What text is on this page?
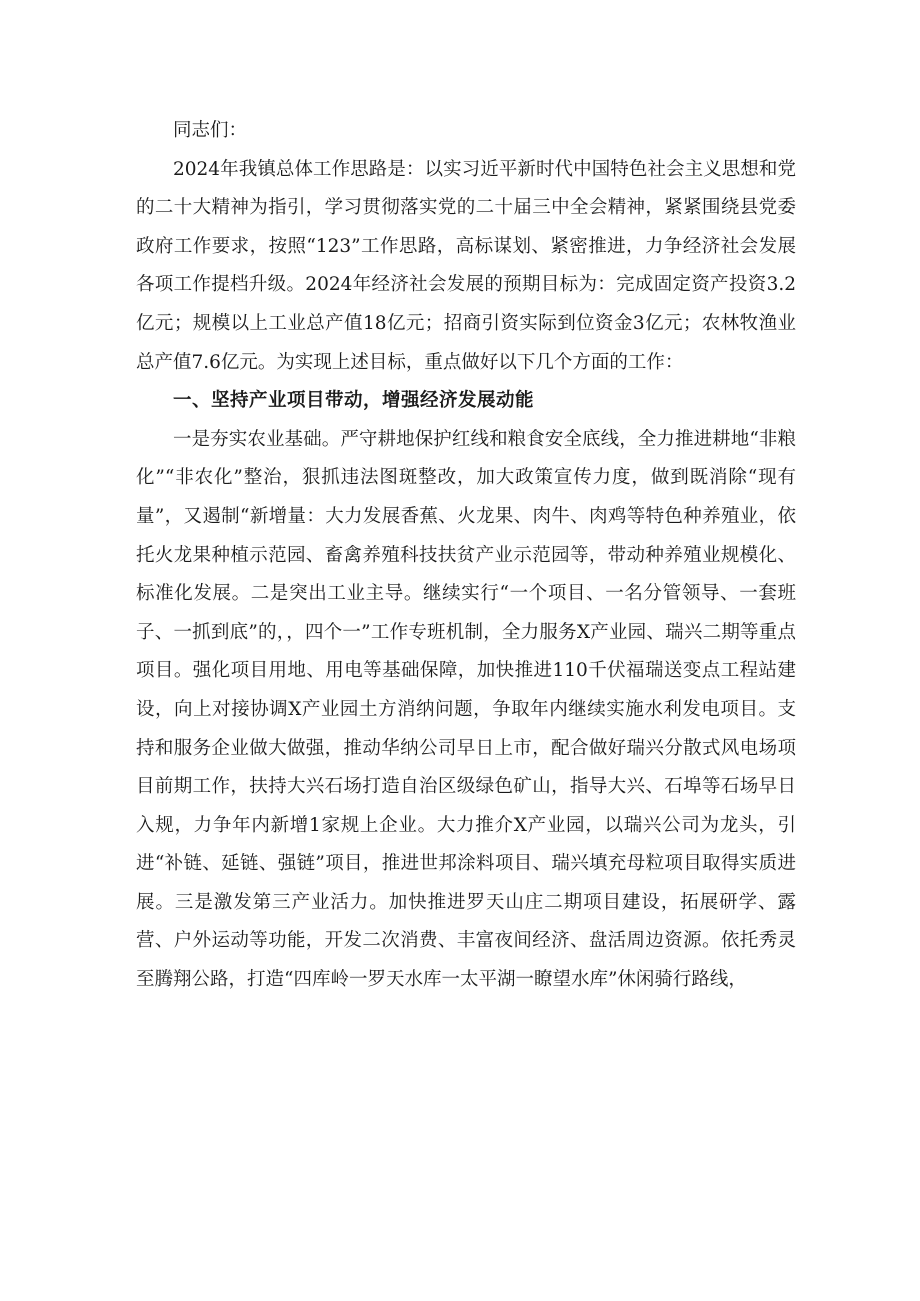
同志们：

2024年我镇总体工作思路是：以实习近平新时代中国特色社会主义思想和党的二十大精神为指引，学习贯彻落实党的二十届三中全会精神，紧紧围绕县党委政府工作要求，按照“123”工作思路，高标谋划、紧密推进，力争经济社会发展各项工作提档升级。2024年经济社会发展的预期目标为：完成固定资产投资3.2亿元；规模以上工业总产值18亿元；招商引资实际到位资金3亿元；农林牧渔业总产值7.6亿元。为实现上述目标，重点做好以下几个方面的工作：

一、坚持产业项目带动，增强经济发展动能

一是夯实农业基础。严守耕地保护红线和粮食安全底线，全力推进耕地“非粮化”“非农化”整治，狠抓违法图斑整改，加大政策宣传力度，做到既消除“现有量”，又遏制“新增量：大力发展香蕉、火龙果、肉牛、肉鸡等特色种养殖业，依托火龙果种植示范园、畜禽养殖科技扶贫产业示范园等，带动种养殖业规模化、标准化发展。二是突出工业主导。继续实行“一个项目、一名分管领导、一套班子、一抓到底”的，，四个一”工作专班机制，全力服务X产业园、瑞兴二期等重点项目。强化项目用地、用电等基础保障，加快推进110千伏福瑞送变点工程站建设，向上对接协调X产业园土方消纳问题，争取年内继续实施水利发电项目。支持和服务企业做大做强，推动华纳公司早日上市，配合做好瑞兴分散式风电场项目前期工作，扶持大兴石场打造自治区级绿色矿山，指导大兴、石埠等石场早日入规，力争年内新增1家规上企业。大力推介X产业园，以瑞兴公司为龙头，引进“补链、延链、强链”项目，推进世邦涂料项目、瑞兴填充母粒项目取得实质进展。三是激发第三产业活力。加快推进罗天山庄二期项目建设，拓展研学、露营、户外运动等功能，开发二次消费、丰富夜间经济、盘活周边资源。依托秀灵至腾翔公路，打造“四库岭一罗天水库一太平湖一瞭望水库”休闲骑行路线，
